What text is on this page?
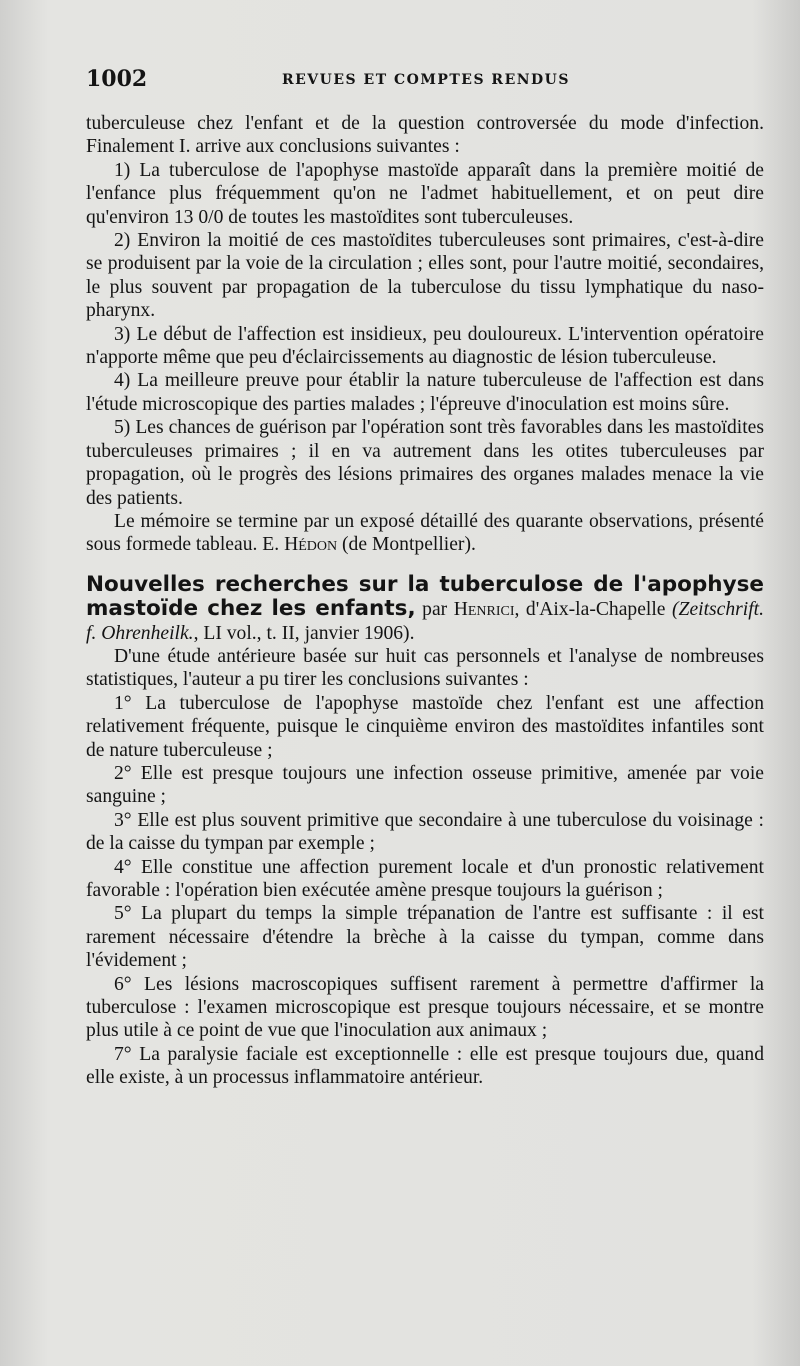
1002	REVUES ET COMPTES RENDUS

tuberculeuse chez l'enfant et de la question controversée du mode d'infection. Finalement I. arrive aux conclusions suivantes :

1) La tuberculose de l'apophyse mastoïde apparaît dans la première moitié de l'enfance plus fréquemment qu'on ne l'admet habituellement, et on peut dire qu'environ 13 0/0 de toutes les mastoïdites sont tuberculeuses.

2) Environ la moitié de ces mastoïdites tuberculeuses sont primaires, c'est-à-dire se produisent par la voie de la circulation ; elles sont, pour l'autre moitié, secondaires, le plus souvent par propagation de la tuberculose du tissu lymphatique du naso-pharynx.

3) Le début de l'affection est insidieux, peu douloureux. L'intervention opératoire n'apporte même que peu d'éclaircissements au diagnostic de lésion tuberculeuse.

4) La meilleure preuve pour établir la nature tuberculeuse de l'affection est dans l'étude microscopique des parties malades ; l'épreuve d'inoculation est moins sûre.

5) Les chances de guérison par l'opération sont très favorables dans les mastoïdites tuberculeuses primaires ; il en va autrement dans les otites tuberculeuses par propagation, où le progrès des lésions primaires des organes malades menace la vie des patients.

Le mémoire se termine par un exposé détaillé des quarante observations, présenté sous formede tableau. E. Hédon (de Montpellier).

Nouvelles recherches sur la tuberculose de l'apophyse mastoïde chez les enfants, par Henrici, d'Aix-la-Chapelle (Zeitschrift. f. Ohrenheilk., LI vol., t. II, janvier 1906).

D'une étude antérieure basée sur huit cas personnels et l'analyse de nombreuses statistiques, l'auteur a pu tirer les conclusions suivantes :

1° La tuberculose de l'apophyse mastoïde chez l'enfant est une affection relativement fréquente, puisque le cinquième environ des mastoïdites infantiles sont de nature tuberculeuse ;

2° Elle est presque toujours une infection osseuse primitive, amenée par voie sanguine ;

3° Elle est plus souvent primitive que secondaire à une tuberculose du voisinage : de la caisse du tympan par exemple ;

4° Elle constitue une affection purement locale et d'un pronostic relativement favorable : l'opération bien exécutée amène presque toujours la guérison ;

5° La plupart du temps la simple trépanation de l'antre est suffisante : il est rarement nécessaire d'étendre la brèche à la caisse du tympan, comme dans l'évidement ;

6° Les lésions macroscopiques suffisent rarement à permettre d'affirmer la tuberculose : l'examen microscopique est presque toujours nécessaire, et se montre plus utile à ce point de vue que l'inoculation aux animaux ;

7° La paralysie faciale est exceptionnelle : elle est presque toujours due, quand elle existe, à un processus inflammatoire antérieur.
